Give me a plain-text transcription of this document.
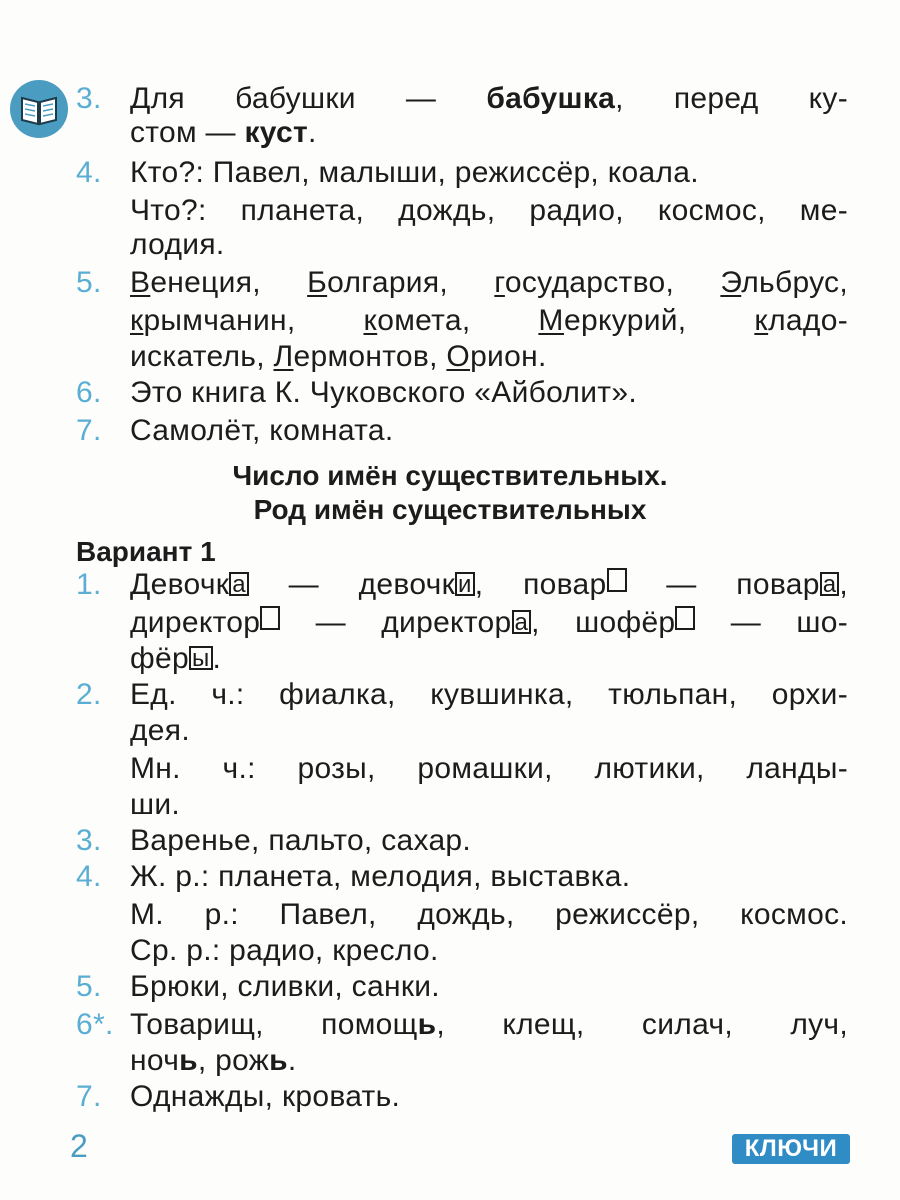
3. Для бабушки — бабушка, перед ку-
стом — куст.
4. Кто?: Павел, малыши, режиссёр, коала.
Что?: планета, дождь, радио, космос, ме-
лодия.
5. Венеция, Болгария, государство, Эльбрус,
крымчанин, комета, Меркурий, кладо-
искатель, Лермонтов, Орион.
6. Это книга К. Чуковского «Айболит».
7. Самолёт, комната.
Число имён существительных.
Род имён существительных
Вариант 1
1. Девочк а — девочк и , повар — повар а ,
директор — директор а , шофёр — шо-
фёр ы .
2. Ед. ч.: фиалка, кувшинка, тюльпан, орхи-
дея.
Мн. ч.: розы, ромашки, лютики, ланды-
ши.
3. Варенье, пальто, сахар.
4. Ж. р.: планета, мелодия, выставка.
М. р.: Павел, дождь, режиссёр, космос.
Ср. р.: радио, кресло.
5. Брюки, сливки, санки.
6*. Товарищ, помощь, клещ, силач, луч,
ночь, рожь.
7. Однажды, кровать.
2	КЛЮЧИ
